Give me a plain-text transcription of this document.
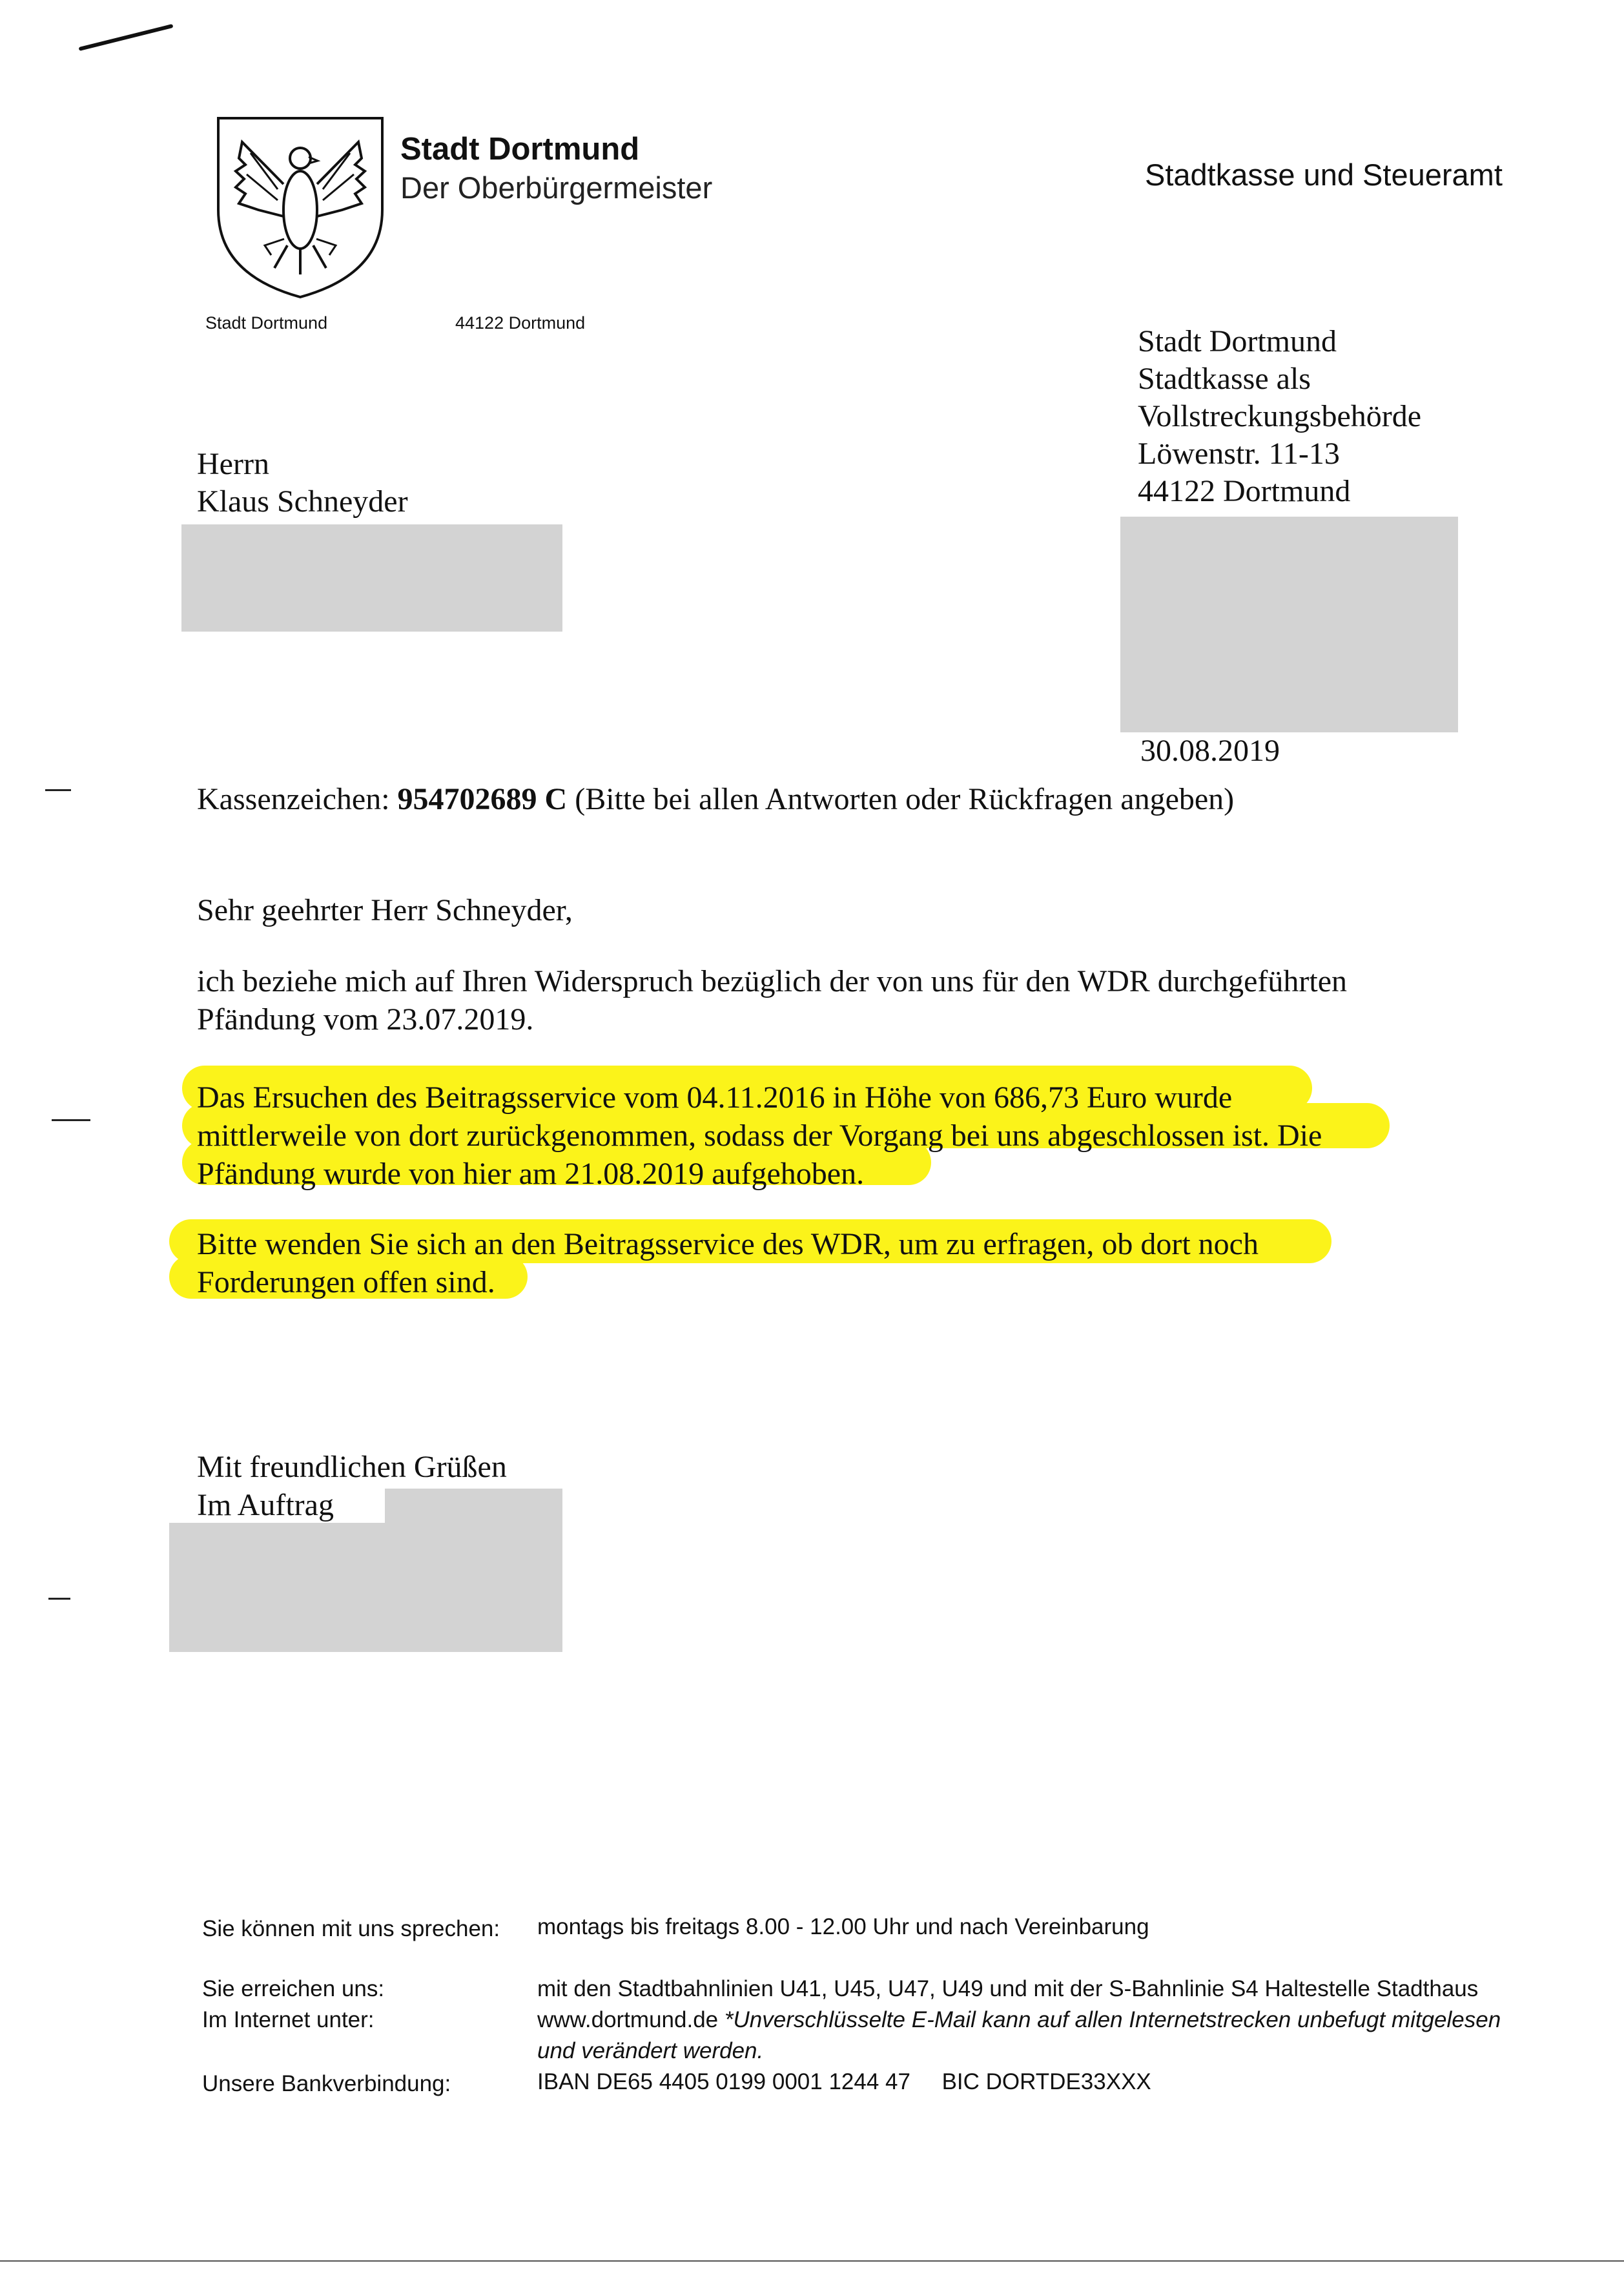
Stadt Dortmund
Der Oberbürgermeister	Stadtkasse und Steueramt
Stadt Dortmund	44122 Dortmund
Herrn
Klaus Schneyder
Stadt Dortmund
Stadtkasse als
Vollstreckungsbehörde
Löwenstr. 11-13
44122 Dortmund
30.08.2019
Kassenzeichen: 954702689 C (Bitte bei allen Antworten oder Rückfragen angeben)
Sehr geehrter Herr Schneyder,
ich beziehe mich auf Ihren Widerspruch bezüglich der von uns für den WDR durchgeführten
Pfändung vom 23.07.2019.
Das Ersuchen des Beitragsservice vom 04.11.2016 in Höhe von 686,73 Euro wurde
mittlerweile von dort zurückgenommen, sodass der Vorgang bei uns abgeschlossen ist. Die
Pfändung wurde von hier am 21.08.2019 aufgehoben.
Bitte wenden Sie sich an den Beitragsservice des WDR, um zu erfragen, ob dort noch
Forderungen offen sind.
Mit freundlichen Grüßen
Im Auftrag
Sie können mit uns sprechen: montags bis freitags 8.00 - 12.00 Uhr und nach Vereinbarung
Sie erreichen uns:	mit den Stadtbahnlinien U41, U45, U47, U49 und mit der S-Bahnlinie S4 Haltestelle Stadthaus
Im Internet unter:	www.dortmund.de *Unverschlüsselte E-Mail kann auf allen Internetstrecken unbefugt mitgelesen
und verändert werden.
Unsere Bankverbindung:	IBAN DE65 4405 0199 0001 1244 47     BIC DORTDE33XXX
